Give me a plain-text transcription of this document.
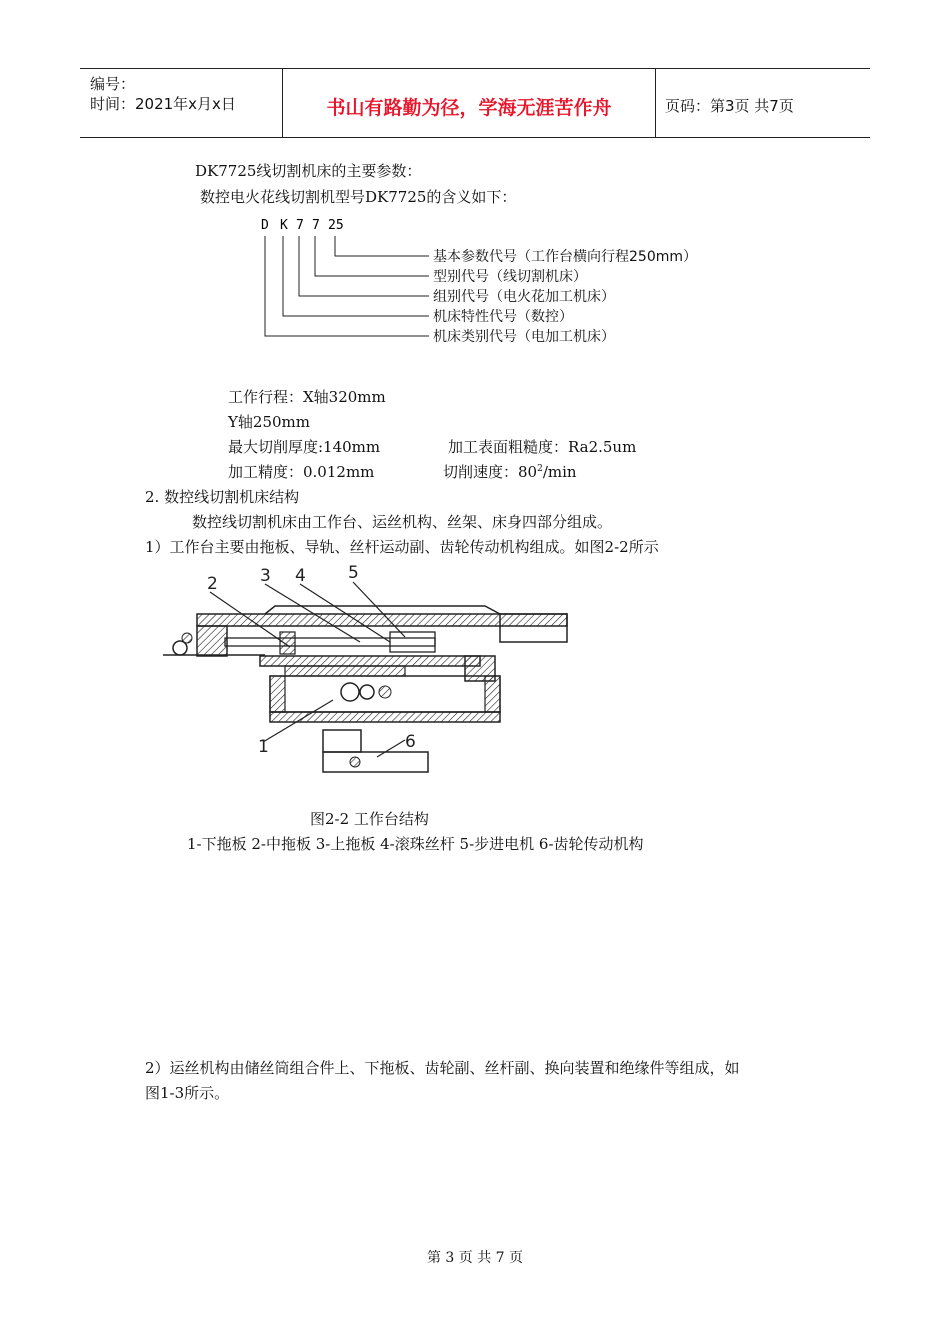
编号：
时间：2021年x月x日	书山有路勤为径，学海无涯苦作舟	页码：第3页 共7页
DK7725线切割机床的主要参数：
数控电火花线切割机型号DK7725的含义如下：
D K 7 7 25
基本参数代号（工作台横向行程250mm）
型别代号（线切割机床）
组别代号（电火花加工机床）
机床特性代号（数控）
机床类别代号（电加工机床）
工作行程：X轴320mm
Y轴250mm
最大切削厚度:140mm	加工表面粗糙度：Ra2.5um
加工精度：0.012mm	切削速度：$80^2/\min$
2. 数控线切割机床结构
数控线切割机床由工作台、运丝机构、丝架、床身四部分组成。
1）工作台主要由拖板、导轨、丝杆运动副、齿轮传动机构组成。如图2-2所示
2 3 4 5
1	6
图2-2 工作台结构
1-下拖板 2-中拖板 3-上拖板 4-滚珠丝杆 5-步进电机 6-齿轮传动机构
2）运丝机构由储丝筒组合件上、下拖板、齿轮副、丝杆副、换向装置和绝缘件等组成，如
图1-3所示。
第 3 页 共 7 页
